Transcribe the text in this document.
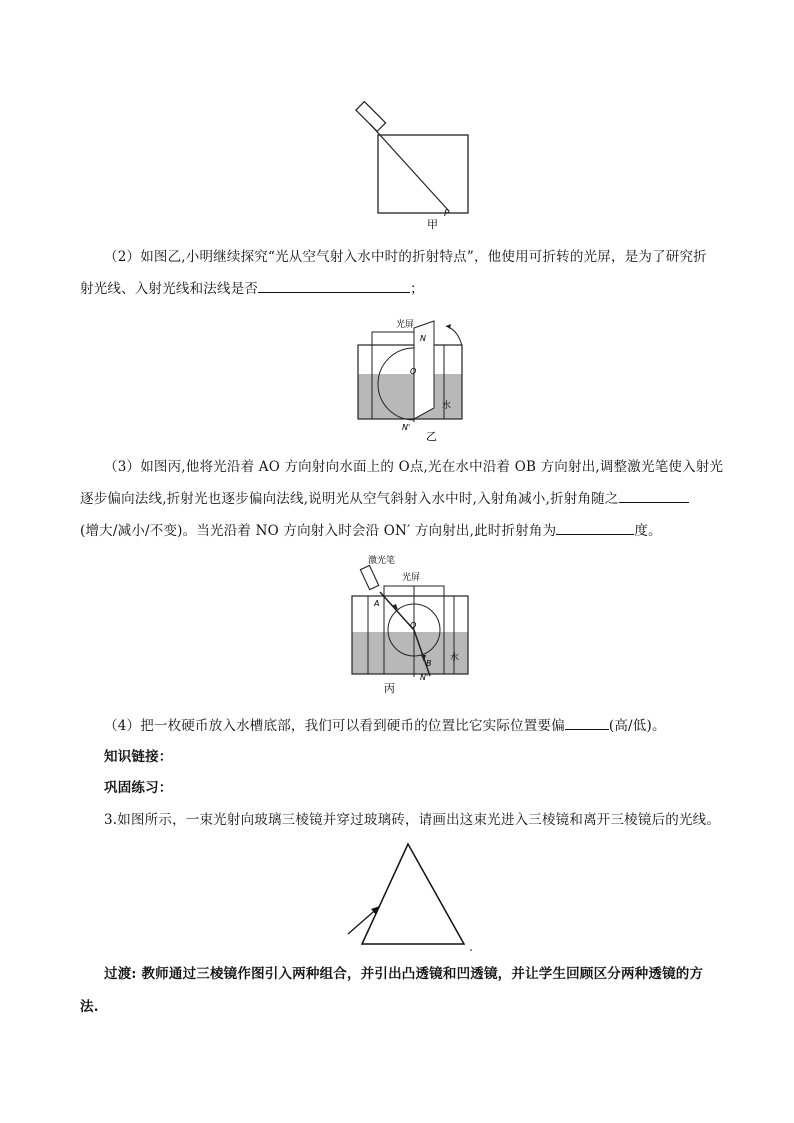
P
甲
（2）如图乙,小明继续探究“光从空气射入水中时的折射特点”，他使用可折转的光屏，是为了研究折
射光线、入射光线和法线是否	；
光屏
N
O
水
N'
乙
（3）如图丙,他将光沿着 AO 方向射向水面上的 O点,光在水中沿着 OB 方向射出,调整激光笔使入射光
逐步偏向法线,折射光也逐步偏向法线,说明光从空气斜射入水中时,入射角减小,折射角随之
(增大/减小/不变)。当光沿着 NO 方向射入时会沿 ON′ 方向射出,此时折射角为	度。
激光笔
光屏
A
O
水
B
N'
丙
（4）把一枚硬币放入水槽底部，我们可以看到硬币的位置比它实际位置要偏	(高/低)。
知识链接：
巩固练习：
3.如图所示，一束光射向玻璃三棱镜并穿过玻璃砖，请画出这束光进入三棱镜和离开三棱镜后的光线。
过渡: 教师通过三棱镜作图引入两种组合，并引出凸透镜和凹透镜，并让学生回顾区分两种透镜的方
法.
